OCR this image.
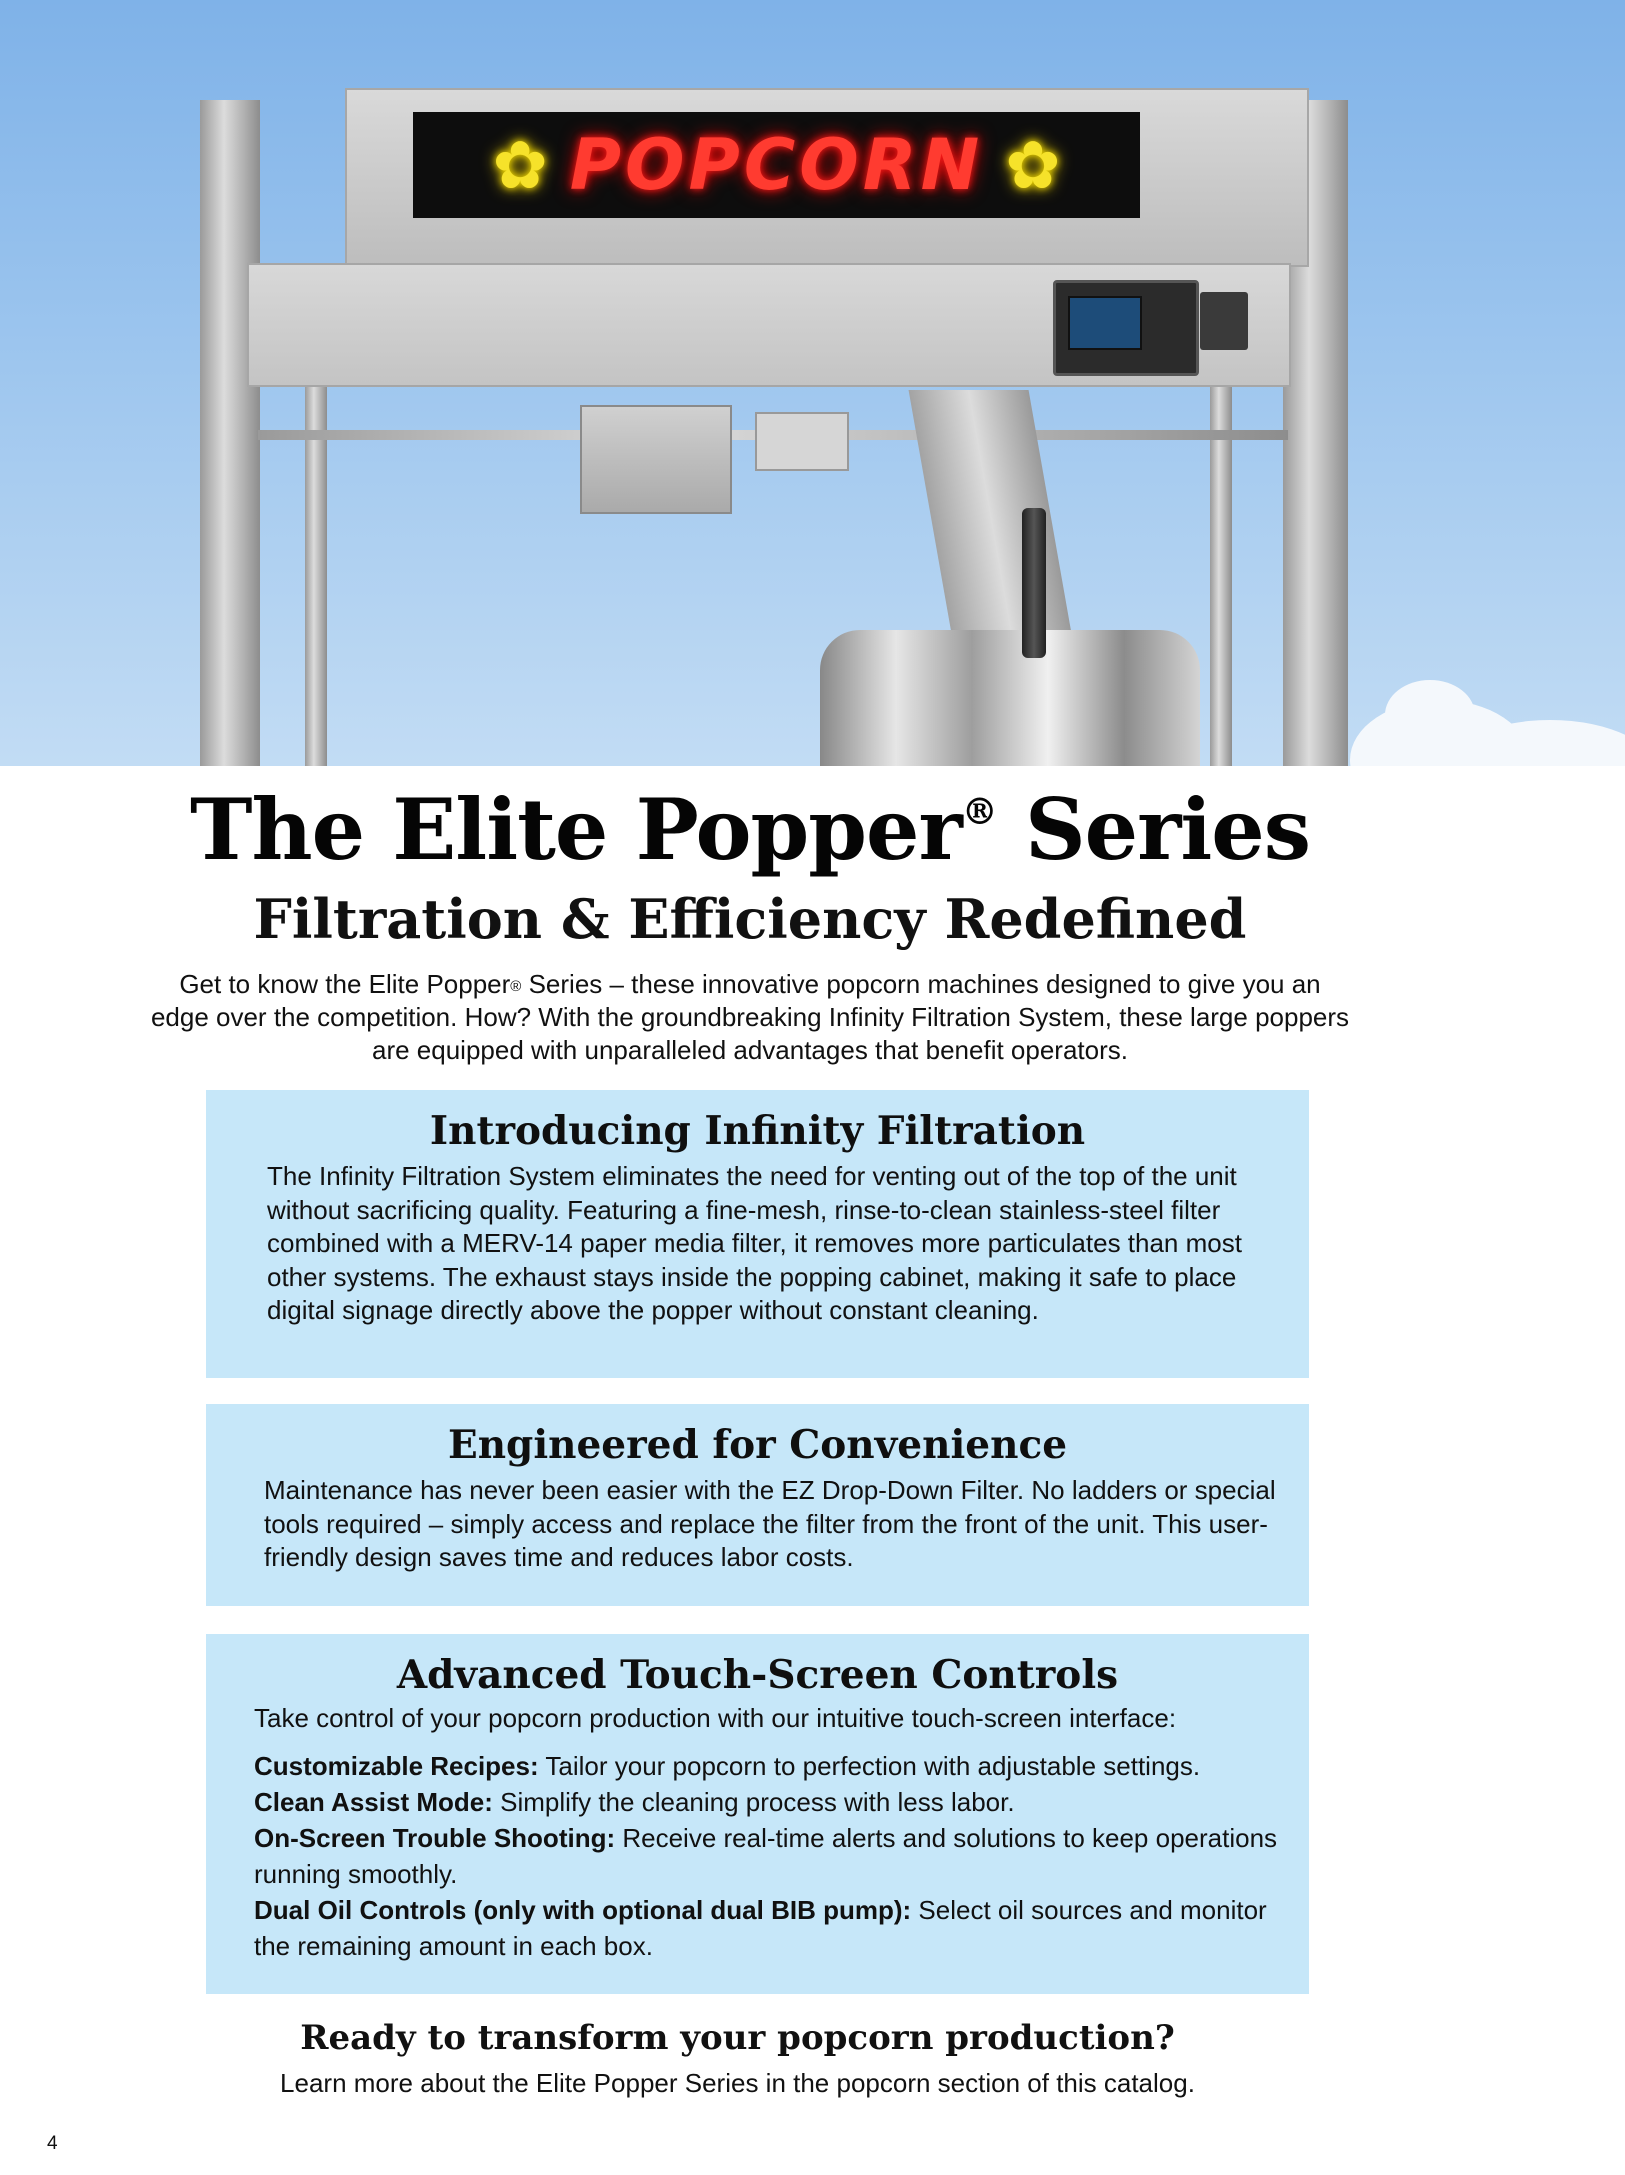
✿ POPCORN ✿
The Elite Popper® Series
Filtration & Efficiency Redefined

Get to know the Elite Popper® Series – these innovative popcorn machines designed to give you an edge over the competition. How? With the groundbreaking Infinity Filtration System, these large poppers are equipped with unparalleled advantages that benefit operators.

Introducing Infinity Filtration

The Infinity Filtration System eliminates the need for venting out of the top of the unit without sacrificing quality. Featuring a fine-mesh, rinse-to-clean stainless-steel filter combined with a MERV-14 paper media filter, it removes more particulates than most other systems. The exhaust stays inside the popping cabinet, making it safe to place digital signage directly above the popper without constant cleaning.

Engineered for Convenience

Maintenance has never been easier with the EZ Drop-Down Filter. No ladders or special tools required – simply access and replace the filter from the front of the unit. This user-friendly design saves time and reduces labor costs.

Advanced Touch-Screen Controls

Take control of your popcorn production with our intuitive touch-screen interface:

Customizable Recipes: Tailor your popcorn to perfection with adjustable settings.
Clean Assist Mode: Simplify the cleaning process with less labor.
On-Screen Trouble Shooting: Receive real-time alerts and solutions to keep operations running smoothly.
Dual Oil Controls (only with optional dual BIB pump): Select oil sources and monitor the remaining amount in each box.
Ready to transform your popcorn production?

Learn more about the Elite Popper Series in the popcorn section of this catalog.

4
